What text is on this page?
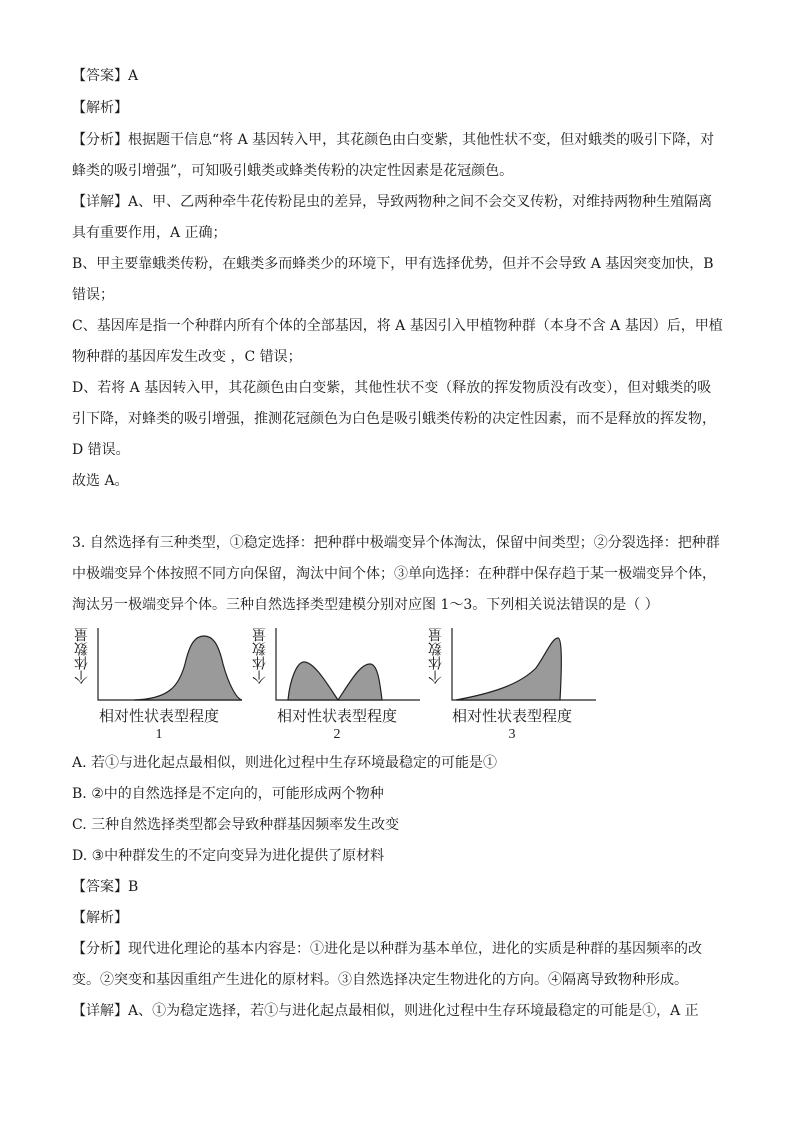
【答案】A
【解析】
【分析】根据题干信息“将 A 基因转入甲，其花颜色由白变紫，其他性状不变，但对蛾类的吸引下降，对
蜂类的吸引增强”，可知吸引蛾类或蜂类传粉的决定性因素是花冠颜色。
【详解】A、甲、乙两种牵牛花传粉昆虫的差异，导致两物种之间不会交叉传粉，对维持两物种生殖隔离
具有重要作用，A 正确；
B、甲主要靠蛾类传粉，在蛾类多而蜂类少的环境下，甲有选择优势，但并不会导致 A 基因突变加快，B
错误；
C、基因库是指一个种群内所有个体的全部基因，将 A 基因引入甲植物种群（本身不含 A 基因）后，甲植
物种群的基因库发生改变 ，C 错误；
D、若将 A 基因转入甲，其花颜色由白变紫，其他性状不变（释放的挥发物质没有改变），但对蛾类的吸
引下降，对蜂类的吸引增强，推测花冠颜色为白色是吸引蛾类传粉的决定性因素，而不是释放的挥发物，
D 错误。
故选 A。
3. 自然选择有三种类型，①稳定选择：把种群中极端变异个体淘汰，保留中间类型；②分裂选择：把种群
中极端变异个体按照不同方向保留，淘汰中间个体；③单向选择：在种群中保存趋于某一极端变异个体，
淘汰另一极端变异个体。三种自然选择类型建模分别对应图 1～3。下列相关说法错误的是（ ）
个体数量
相对性状表型程度
1
个体数量
相对性状表型程度
2
个体数量
相对性状表型程度
3
A. 若①与进化起点最相似，则进化过程中生存环境最稳定的可能是①
B. ②中的自然选择是不定向的，可能形成两个物种
C. 三种自然选择类型都会导致种群基因频率发生改变
D. ③中种群发生的不定向变异为进化提供了原材料
【答案】B
【解析】
【分析】现代进化理论的基本内容是：①进化是以种群为基本单位，进化的实质是种群的基因频率的改
变。②突变和基因重组产生进化的原材料。③自然选择决定生物进化的方向。④隔离导致物种形成。
【详解】A、①为稳定选择，若①与进化起点最相似，则进化过程中生存环境最稳定的可能是①，A 正
